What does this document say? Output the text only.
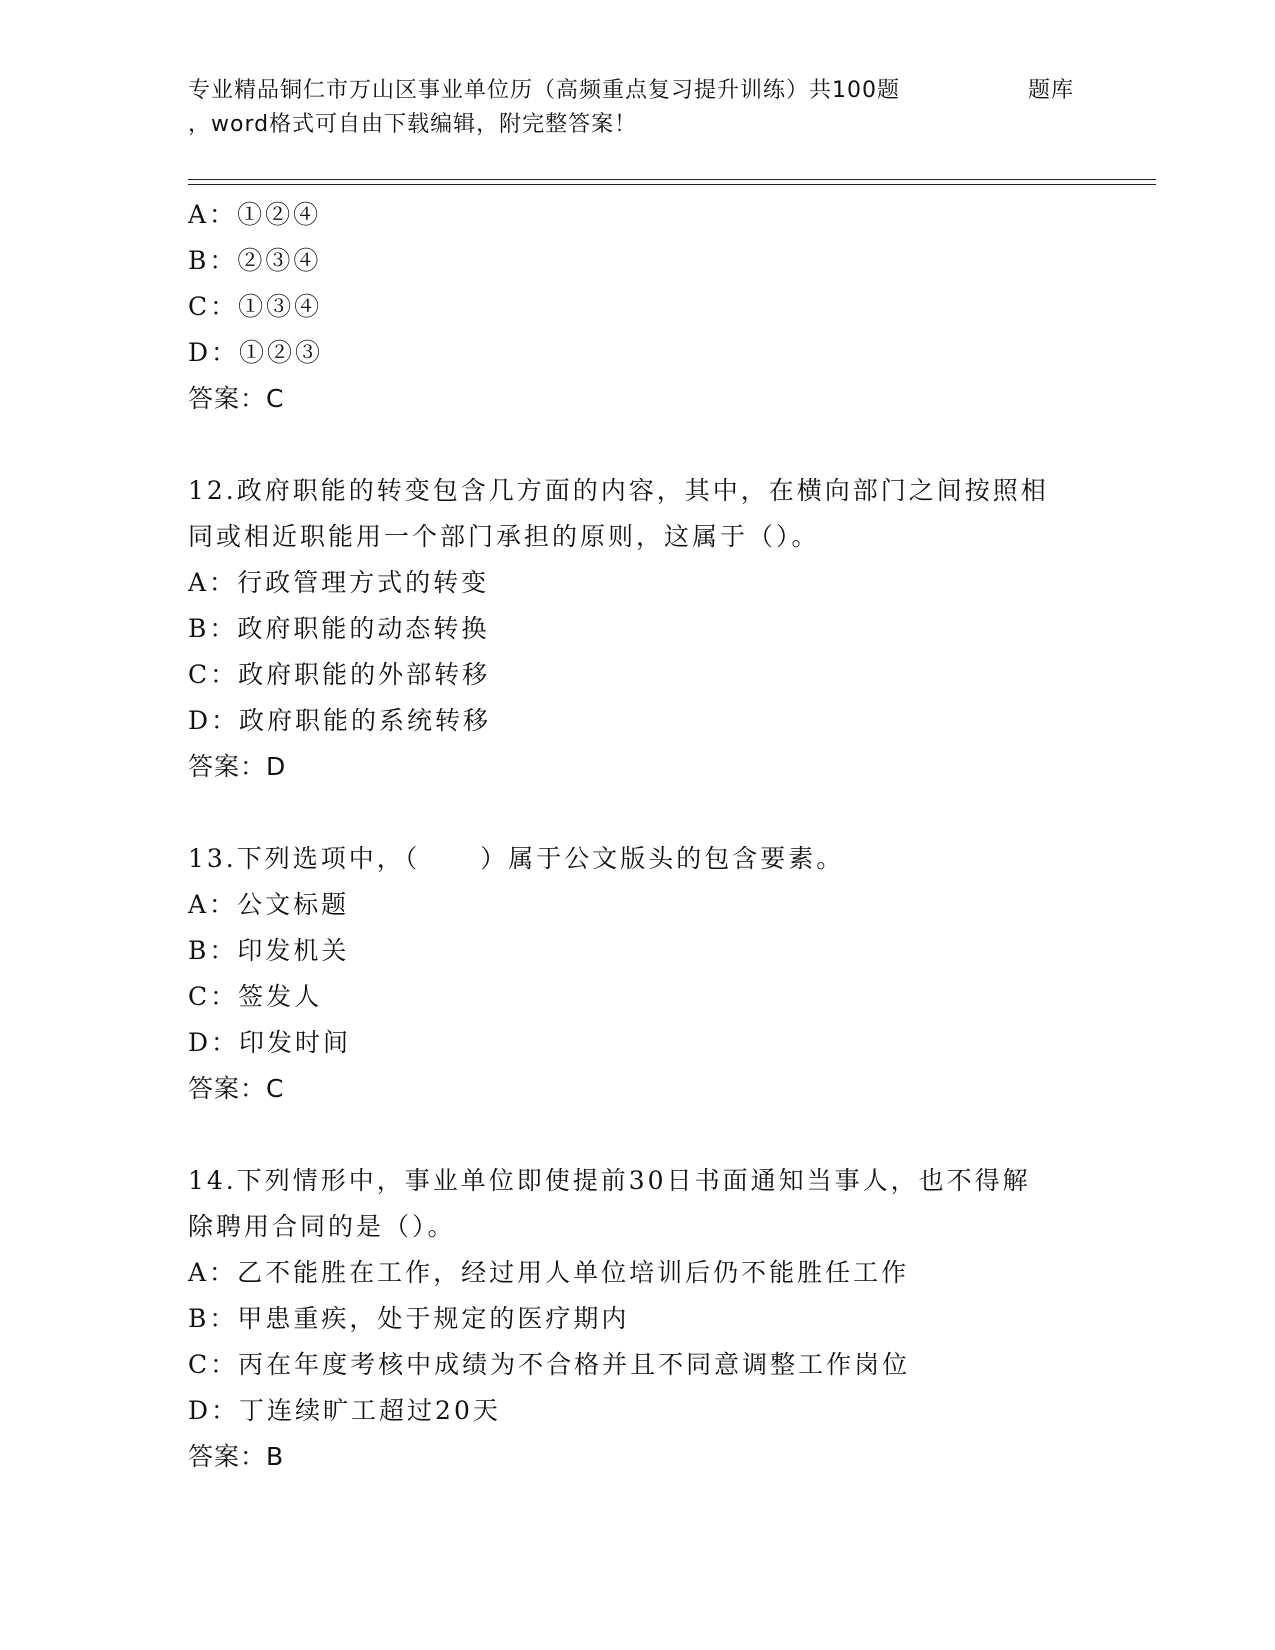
专业精品铜仁市万山区事业单位历（高频重点复习提升训练）共100题	题库
，word格式可自由下载编辑，附完整答案！
A：①②④
B：②③④
C：①③④
D：①②③
答案：C
12.政府职能的转变包含几方面的内容，其中，在横向部门之间按照相
同或相近职能用一个部门承担的原则，这属于（）。
A：行政管理方式的转变
B：政府职能的动态转换
C：政府职能的外部转移
D：政府职能的系统转移
答案：D
13.下列选项中，（ ）属于公文版头的包含要素。
A：公文标题
B：印发机关
C：签发人
D：印发时间
答案：C
14.下列情形中，事业单位即使提前30日书面通知当事人，也不得解
除聘用合同的是（）。
A：乙不能胜在工作，经过用人单位培训后仍不能胜任工作
B：甲患重疾，处于规定的医疗期内
C：丙在年度考核中成绩为不合格并且不同意调整工作岗位
D：丁连续旷工超过20天
答案：B
